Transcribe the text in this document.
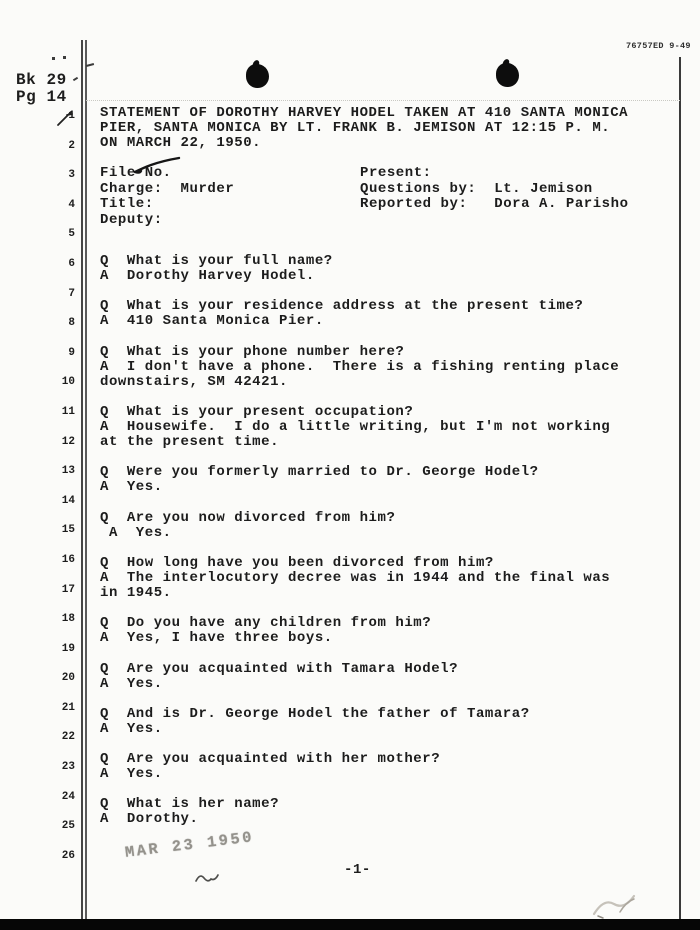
76757ED 9-49
Bk 29
Pg 14
1
2
3
4
5
6
7
8
9
10
11
12
13
14
15
16
17
18
19
20
21
22
23
24
25
26
STATEMENT OF DOROTHY HARVEY HODEL TAKEN AT 410 SANTA MONICA
PIER, SANTA MONICA BY LT. FRANK B. JEMISON AT 12:15 P. M.
ON MARCH 22, 1950.
File No.
Charge:  Murder
Title:
Deputy:
Present:
Questions by:  Lt. Jemison
Reported by:   Dora A. Parisho
Q  What is your full name?
A  Dorothy Harvey Hodel.
Q  What is your residence address at the present time?
A  410 Santa Monica Pier.
Q  What is your phone number here?
A  I don't have a phone.  There is a fishing renting place
downstairs, SM 42421.
Q  What is your present occupation?
A  Housewife.  I do a little writing, but I'm not working
at the present time.
Q  Were you formerly married to Dr. George Hodel?
A  Yes.
Q  Are you now divorced from him?
A  Yes.
Q  How long have you been divorced from him?
A  The interlocutory decree was in 1944 and the final was
in 1945.
Q  Do you have any children from him?
A  Yes, I have three boys.
Q  Are you acquainted with Tamara Hodel?
A  Yes.
Q  And is Dr. George Hodel the father of Tamara?
A  Yes.
Q  Are you acquainted with her mother?
A  Yes.
Q  What is her name?
A  Dorothy.
MAR 23 1950
-1-
